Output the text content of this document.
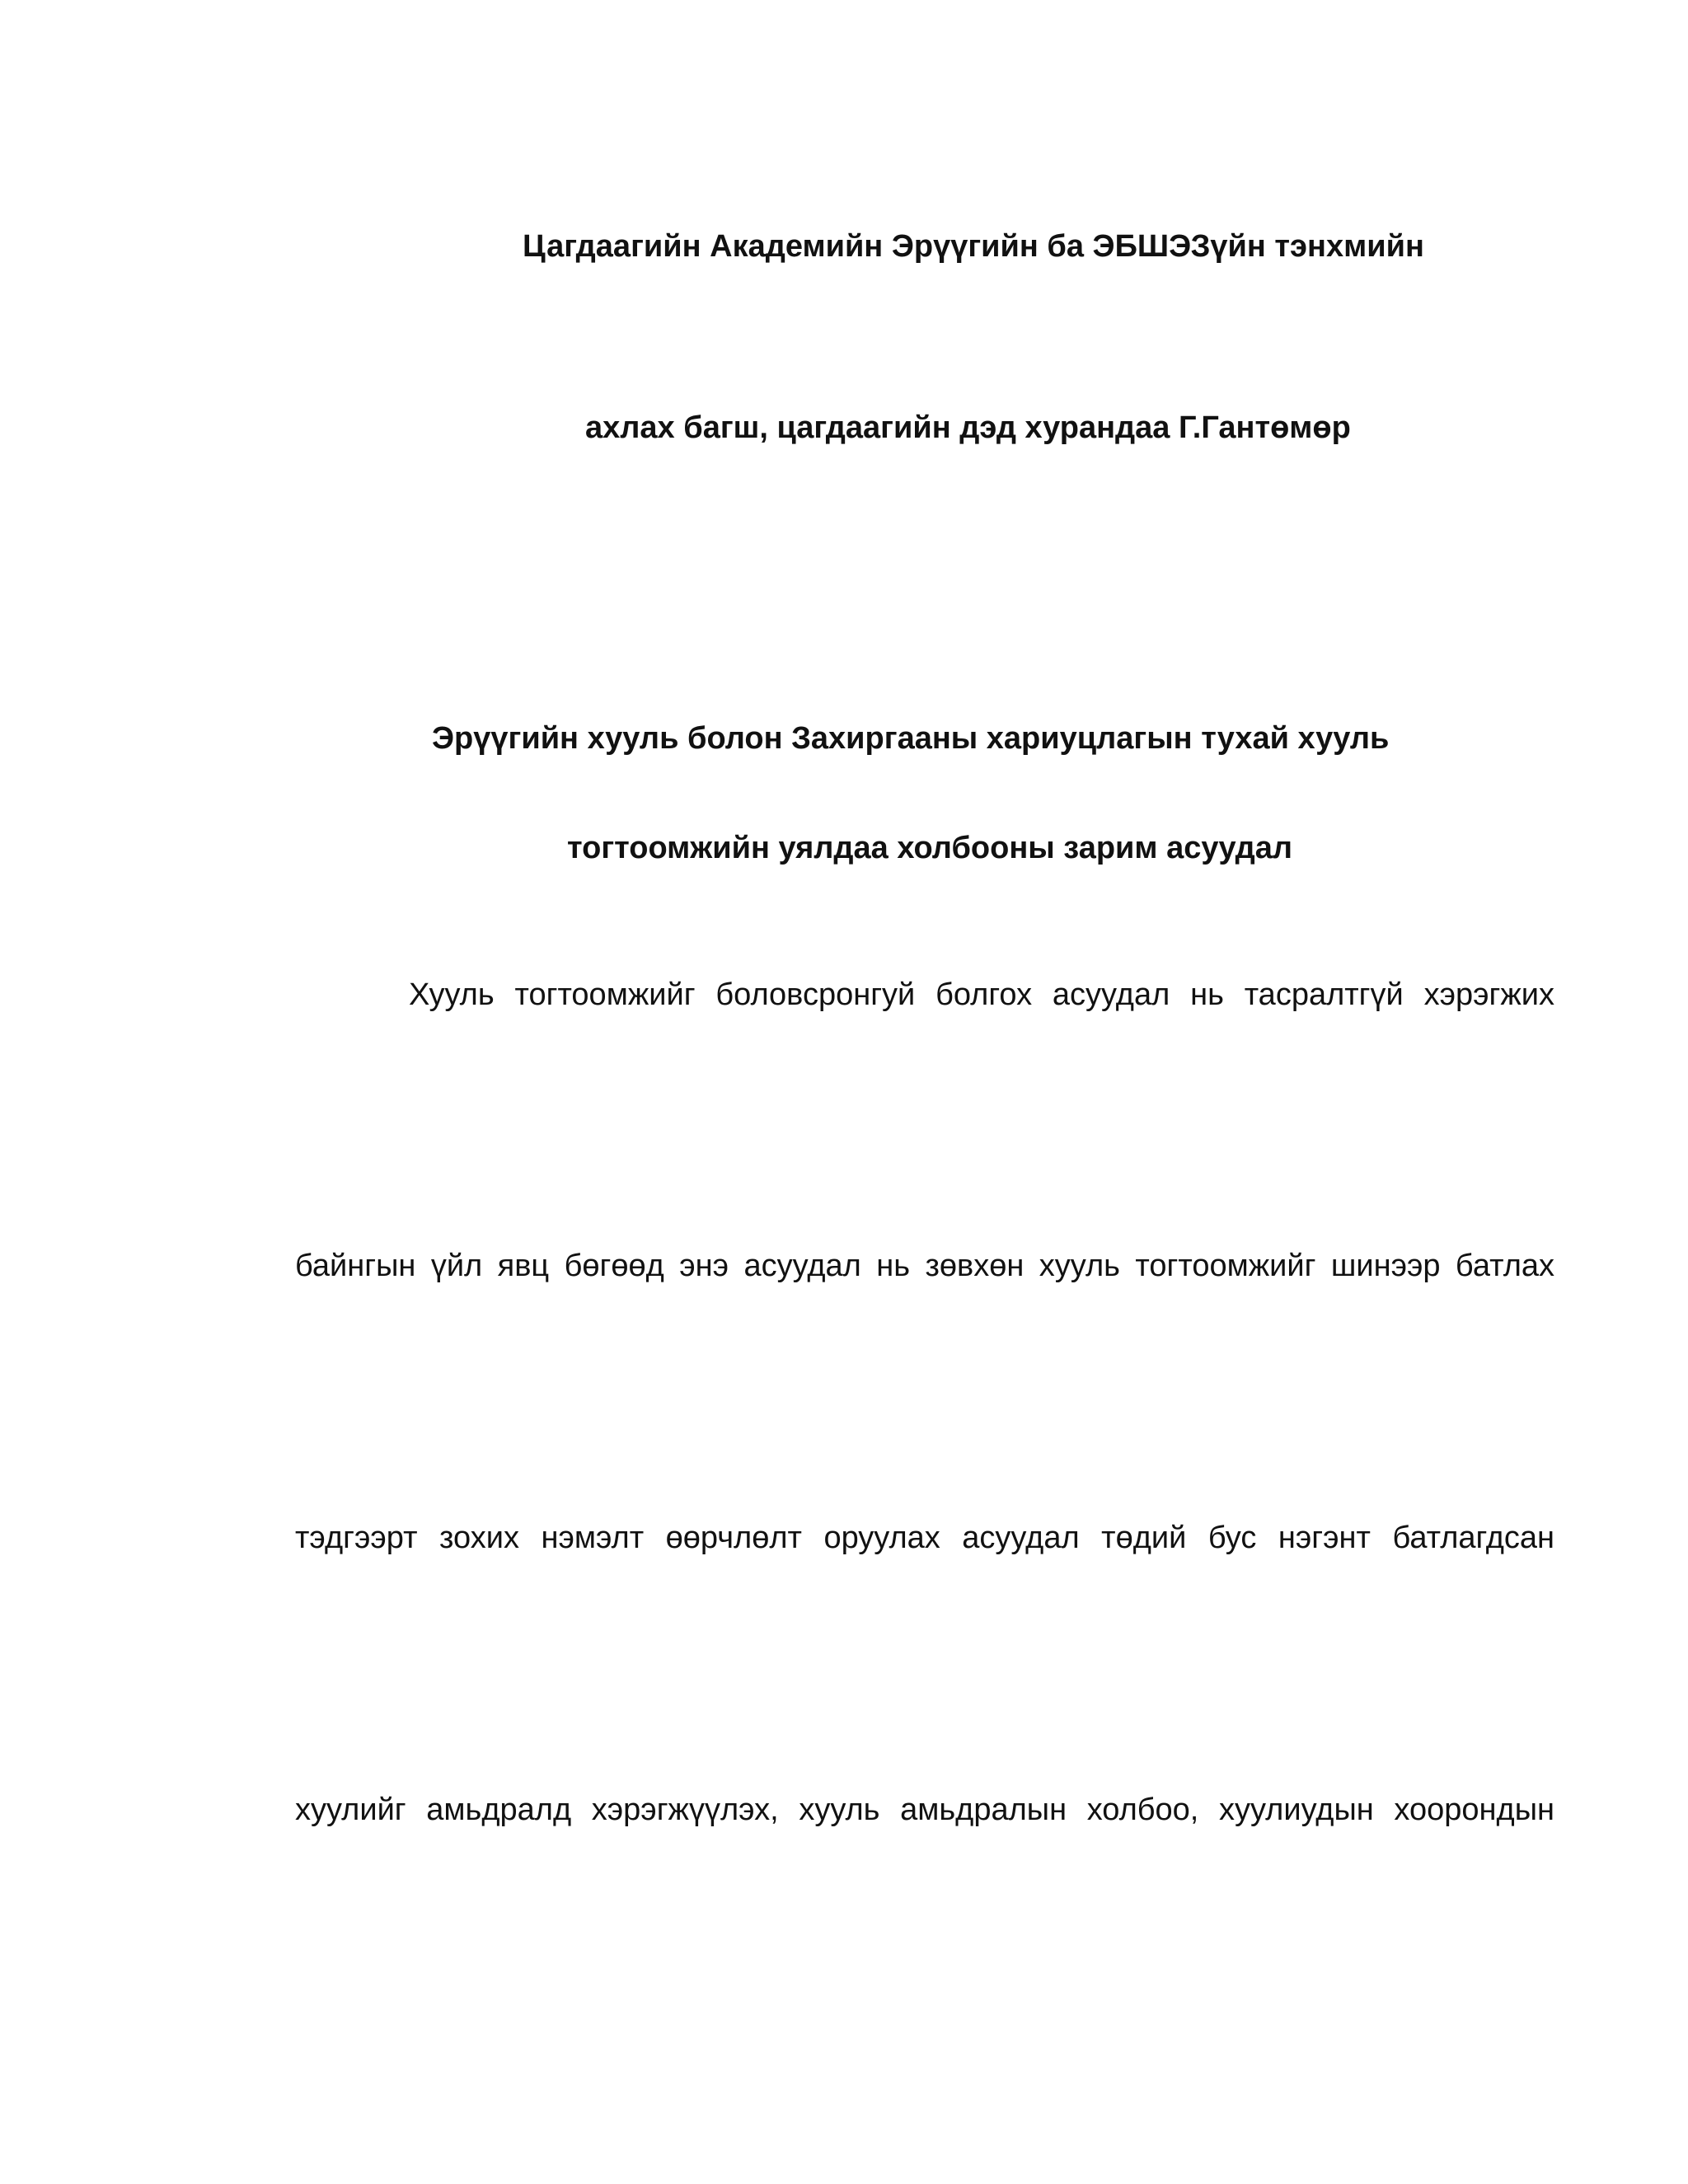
Цагдаагийн Академийн Эрүүгийн ба ЭБШЭЗүйн тэнхмийн
ахлах багш, цагдаагийн дэд хурандаа Г.Гантөмөр
Эрүүгийн хууль болон Захиргааны хариуцлагын тухай хууль
тогтоомжийн уялдаа холбооны зарим асуудал
Хууль тогтоомжийг боловсронгуй болгох асуудал нь тасралтгүй хэрэгжих
байнгын үйл явц бөгөөд энэ асуудал нь зөвхөн хууль тогтоомжийг шинээр батлах
тэдгээрт зохих нэмэлт өөрчлөлт оруулах асуудал төдий бус нэгэнт батлагдсан
хуулийг амьдралд хэрэгжүүлэх, хууль амьдралын холбоо, хуулиудын хоорондын
